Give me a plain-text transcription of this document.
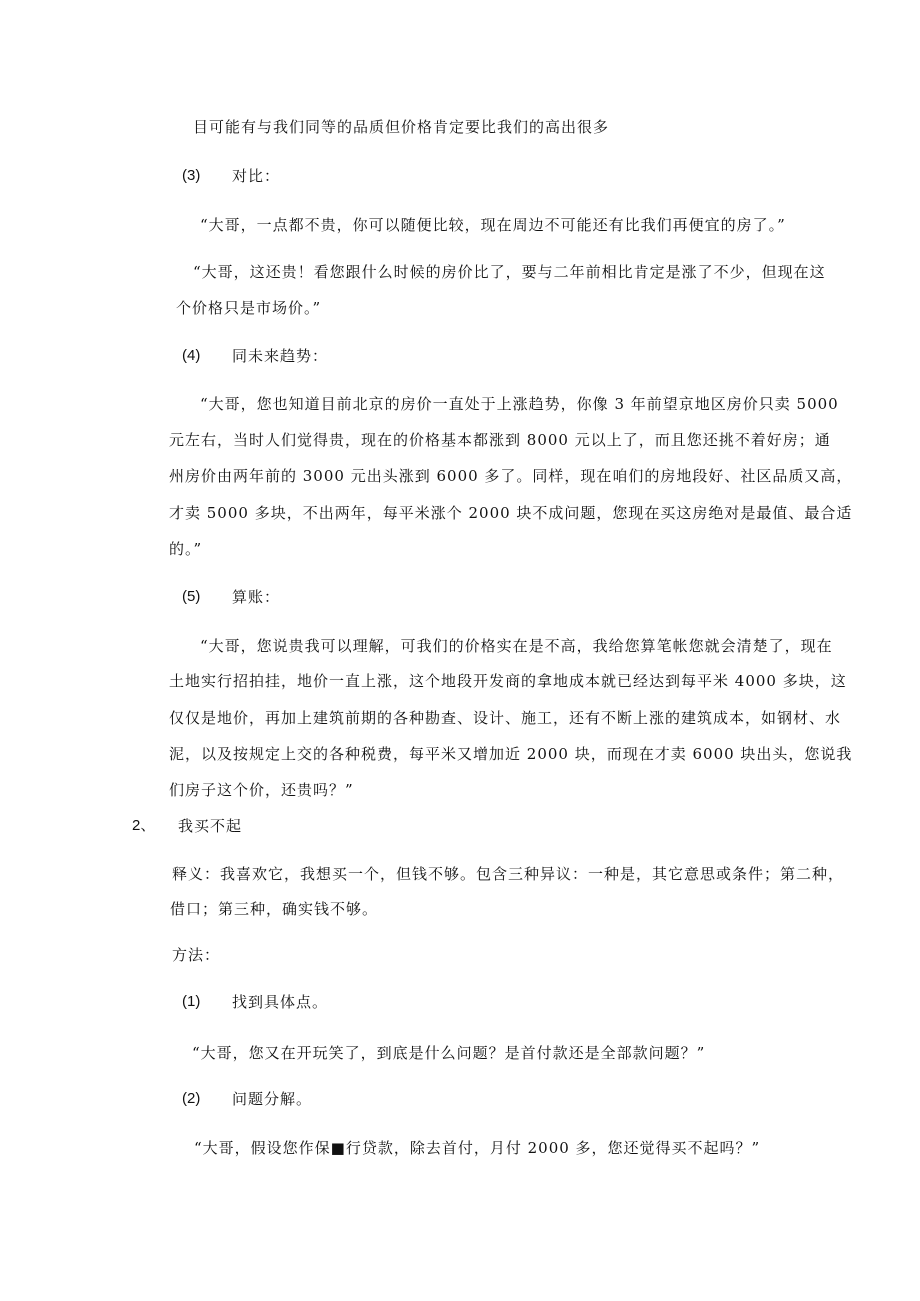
目可能有与我们同等的品质但价格肯定要比我们的高出很多
(3) 对比：
“大哥，一点都不贵，你可以随便比较，现在周边不可能还有比我们再便宜的房了。”
“大哥，这还贵！看您跟什么时候的房价比了，要与二年前相比肯定是涨了不少，但现在这
个价格只是市场价。”
(4) 同未来趋势：
“大哥，您也知道目前北京的房价一直处于上涨趋势，你像 3 年前望京地区房价只卖 5000
元左右，当时人们觉得贵，现在的价格基本都涨到 8000 元以上了，而且您还挑不着好房；通
州房价由两年前的 3000 元出头涨到 6000 多了。同样，现在咱们的房地段好、社区品质又高，
才卖 5000 多块，不出两年，每平米涨个 2000 块不成问题，您现在买这房绝对是最值、最合适
的。”
(5) 算账：
“大哥，您说贵我可以理解，可我们的价格实在是不高，我给您算笔帐您就会清楚了，现在
土地实行招拍挂，地价一直上涨，这个地段开发商的拿地成本就已经达到每平米 4000 多块，这
仅仅是地价，再加上建筑前期的各种勘查、设计、施工，还有不断上涨的建筑成本，如钢材、水
泥，以及按规定上交的各种税费，每平米又增加近 2000 块，而现在才卖 6000 块出头，您说我
们房子这个价，还贵吗？”
2、 我买不起
释义：我喜欢它，我想买一个，但钱不够。包含三种异议：一种是，其它意思或条件；第二种，
借口；第三种，确实钱不够。
方法：
(1) 找到具体点。
“大哥，您又在开玩笑了，到底是什么问题？是首付款还是全部款问题？”
(2) 问题分解。
“大哥，假设您作保■行贷款，除去首付，月付 2000 多，您还觉得买不起吗？”
